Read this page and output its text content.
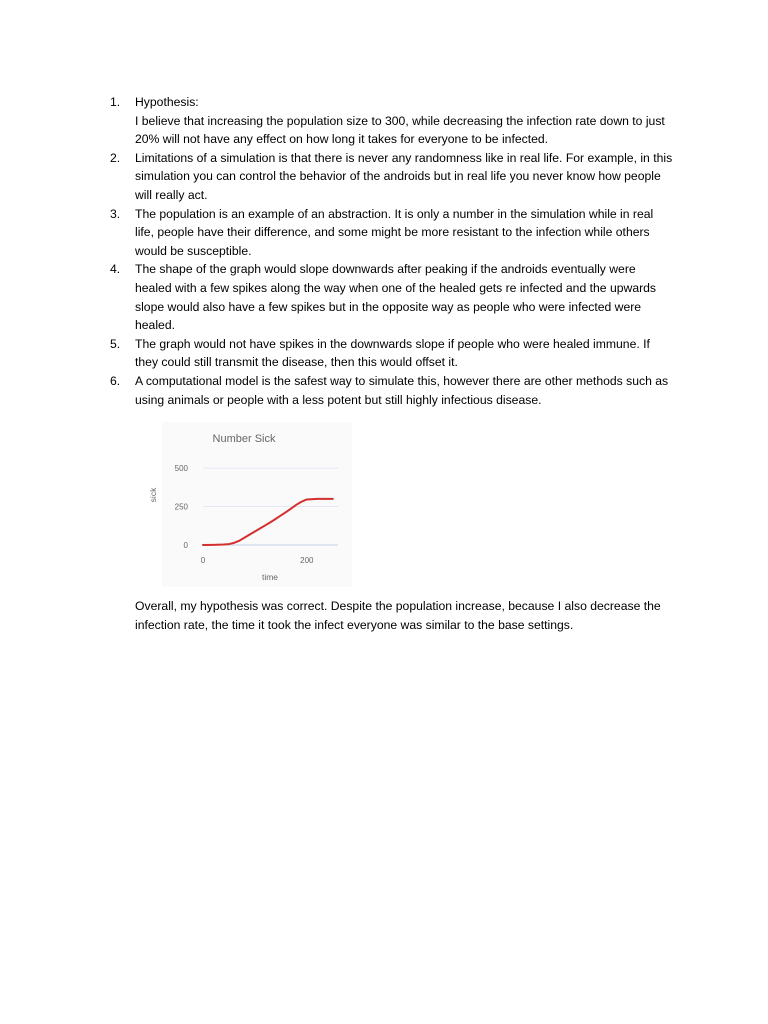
1. Hypothesis:
I believe that increasing the population size to 300, while decreasing the infection rate down to just 20% will not have any effect on how long it takes for everyone to be infected.
2. Limitations of a simulation is that there is never any randomness like in real life. For example, in this simulation you can control the behavior of the androids but in real life you never know how people will really act.
3. The population is an example of an abstraction. It is only a number in the simulation while in real life, people have their difference, and some might be more resistant to the infection while others would be susceptible.
4. The shape of the graph would slope downwards after peaking if the androids eventually were healed with a few spikes along the way when one of the healed gets re infected and the upwards slope would also have a few spikes but in the opposite way as people who were infected were healed.
5. The graph would not have spikes in the downwards slope if people who were healed immune. If they could still transmit the disease, then this would offset it.
6. A computational model is the safest way to simulate this, however there are other methods such as using animals or people with a less potent but still highly infectious disease.
Number Sick
0
250
500
0	200
sick
time
Overall, my hypothesis was correct. Despite the population increase, because I also decrease the infection rate, the time it took the infect everyone was similar to the base settings.
